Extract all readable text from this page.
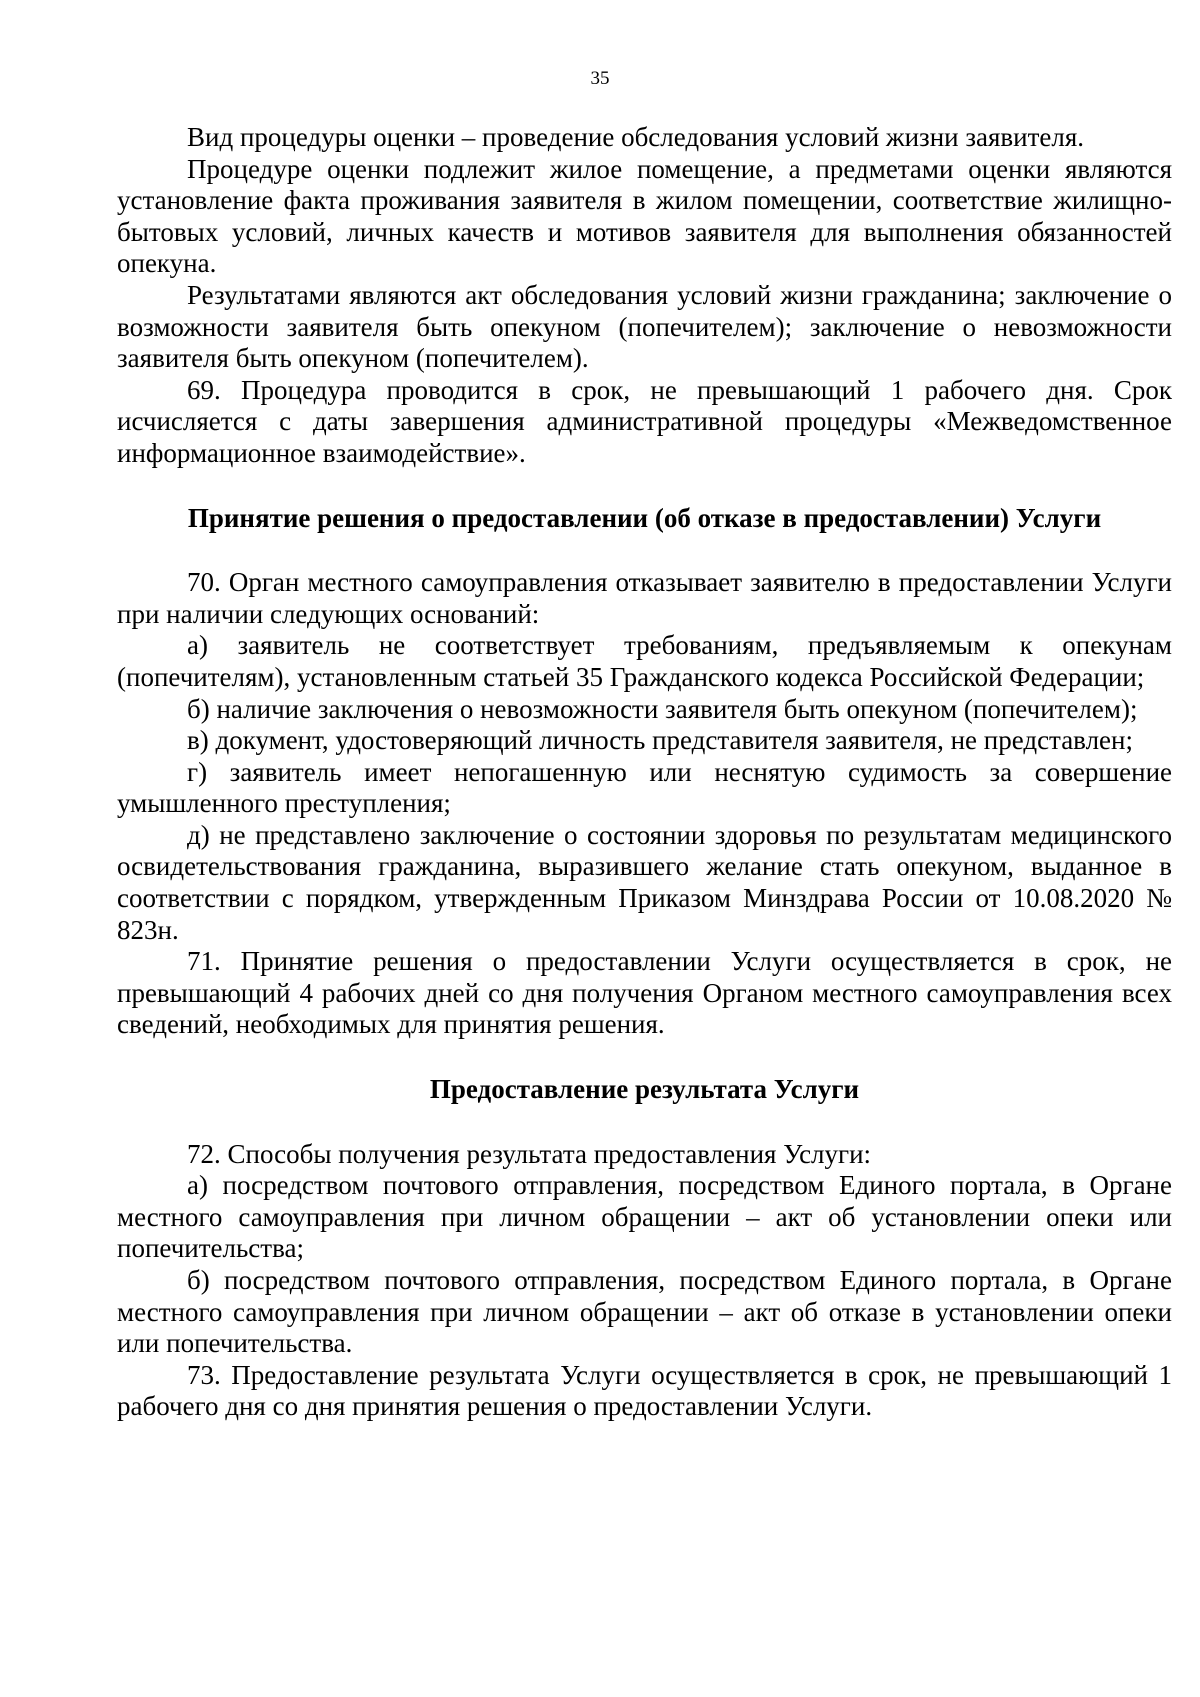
35

Вид процедуры оценки – проведение обследования условий жизни заявителя.

Процедуре оценки подлежит жилое помещение, а предметами оценки являются установление факта проживания заявителя в жилом помещении, соответствие жилищно-бытовых условий, личных качеств и мотивов заявителя для выполнения обязанностей опекуна.

Результатами являются акт обследования условий жизни гражданина; заключение о возможности заявителя быть опекуном (попечителем); заключение о невозможности заявителя быть опекуном (попечителем).

69. Процедура проводится в срок, не превышающий 1 рабочего дня. Срок исчисляется с даты завершения административной процедуры «Межведомственное информационное взаимодействие».

Принятие решения о предоставлении (об отказе в предоставлении) Услуги

70. Орган местного самоуправления отказывает заявителю в предоставлении Услуги при наличии следующих оснований:

а) заявитель не соответствует требованиям, предъявляемым к опекунам (попечителям), установленным статьей 35 Гражданского кодекса Российской Федерации;

б) наличие заключения о невозможности заявителя быть опекуном (попечителем);

в) документ, удостоверяющий личность представителя заявителя, не представлен;

г) заявитель имеет непогашенную или неснятую судимость за совершение умышленного преступления;

д) не представлено заключение о состоянии здоровья по результатам медицинского освидетельствования гражданина, выразившего желание стать опекуном, выданное в соответствии с порядком, утвержденным Приказом Минздрава России от 10.08.2020 № 823н.

71. Принятие решения о предоставлении Услуги осуществляется в срок, не превышающий 4 рабочих дней со дня получения Органом местного самоуправления всех сведений, необходимых для принятия решения.

Предоставление результата Услуги

72. Способы получения результата предоставления Услуги:

а) посредством почтового отправления, посредством Единого портала, в Органе местного самоуправления при личном обращении – акт об установлении опеки или попечительства;

б) посредством почтового отправления, посредством Единого портала, в Органе местного самоуправления при личном обращении – акт об отказе в установлении опеки или попечительства.

73. Предоставление результата Услуги осуществляется в срок, не превышающий 1 рабочего дня со дня принятия решения о предоставлении Услуги.
